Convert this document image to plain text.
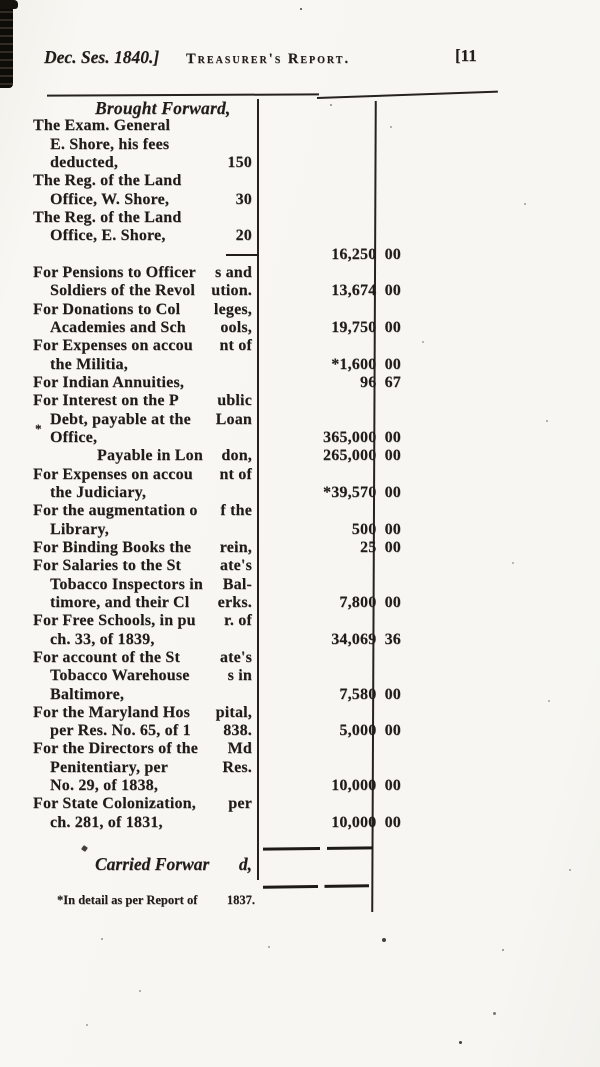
Dec. Ses. 1840.] Treasurer's Report.	[11
Brought Forward,
The Exam. General
E. Shore, his fees
deducted,	150
The Reg. of the Land
Office, W. Shore,	30
The Reg. of the Land
Office, E. Shore,	20
16,250 00
For Pensions to Officer	s and
Soldiers of the Revol	ution.	13,674 00
For Donations to Col	leges,
Academies and Sch	ools,	19,750 00
For Expenses on accou	nt of
the Militia,	*1,600 00
For Indian Annuities,	96 67
For Interest on the P	ublic
Debt, payable at the	Loan
Office,	365,000 00
Payable in Lon	don,	265,000 00
For Expenses on accou	nt of
the Judiciary,	*39,570 00
For the augmentation o	f the
Library,	500 00
For Binding Books the	rein,	25 00
For Salaries to the St	ate's
Tobacco Inspectors in	Bal-
timore, and their Cl	erks.	7,800 00
For Free Schools, in pu	r. of
ch. 33, of 1839,	34,069 36
For account of the St	ate's
Tobacco Warehouse	s in
Baltimore,	7,580 00
For the Maryland Hos	pital,
per Res. No. 65, of 1	838.	5,000 00
For the Directors of the	Md
Penitentiary, per	Res.
No. 29, of 1838,	10,000 00
For State Colonization,	per
ch. 281, of 1831,	10,000 00
*
Carried Forwar	d,
*In detail as per Report of 1837.
